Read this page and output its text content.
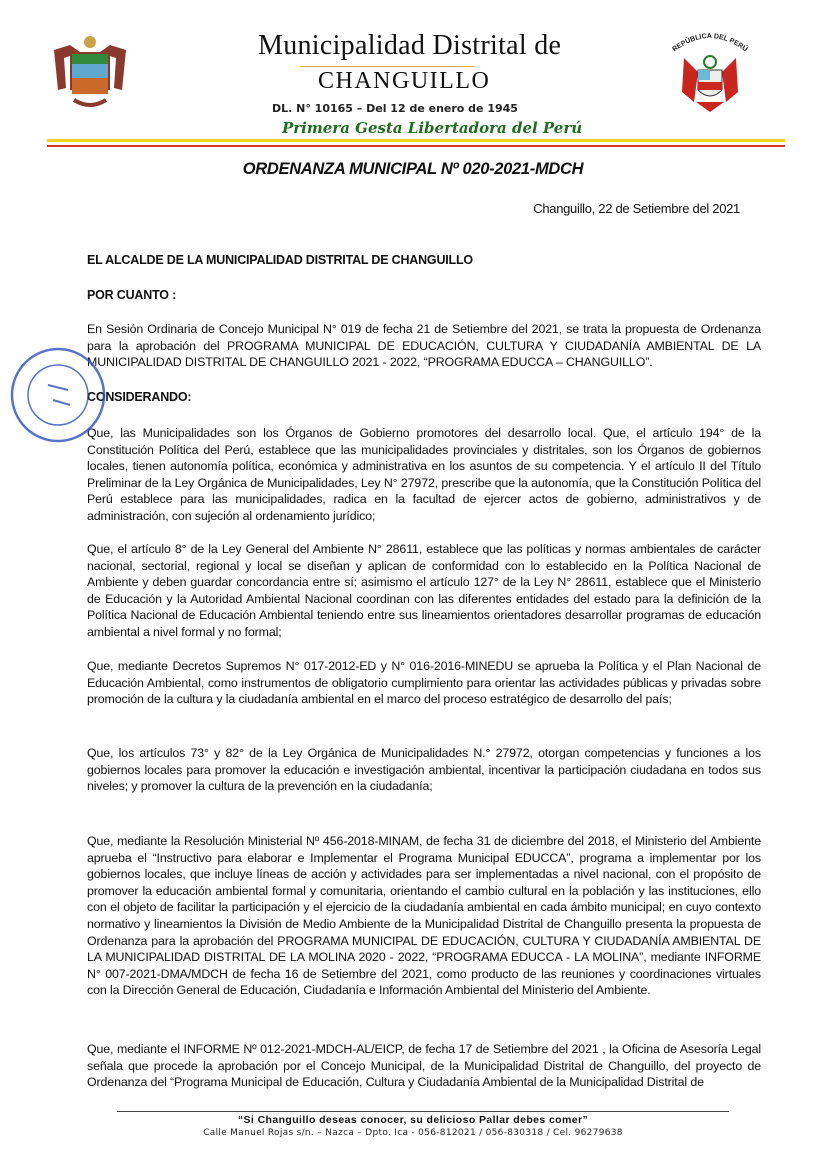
Municipalidad Distrital de
CHANGUILLO
DL. N° 10165 – Del 12 de enero de 1945
Primera Gesta Libertadora del Perú
REPÚBLICA DEL PERÚ
ORDENANZA MUNICIPAL Nº 020-2021-MDCH
Changuillo, 22 de Setiembre del 2021
EL ALCALDE DE LA MUNICIPALIDAD DISTRITAL DE CHANGUILLO
POR CUANTO :
En Sesión Ordinaria de Concejo Municipal N° 019 de fecha 21 de Setiembre del 2021, se trata la propuesta de Ordenanza para la aprobación del PROGRAMA MUNICIPAL DE EDUCACIÓN, CULTURA Y CIUDADANÍA AMBIENTAL DE LA MUNICIPALIDAD DISTRITAL DE CHANGUILLO 2021 - 2022, “PROGRAMA EDUCCA – CHANGUILLO”.
CONSIDERANDO:
Que, las Municipalidades son los Órganos de Gobierno promotores del desarrollo local. Que, el artículo 194° de la Constitución Política del Perú, establece que las municipalidades provinciales y distritales, son los Órganos de gobiernos locales, tienen autonomía política, económica y administrativa en los asuntos de su competencia. Y el artículo II del Título Preliminar de la Ley Orgánica de Municipalidades, Ley N° 27972, prescribe que la autonomía, que la Constitución Política del Perú establece para las municipalidades, radica en la facultad de ejercer actos de gobierno, administrativos y de administración, con sujeción al ordenamiento jurídico;
Que, el artículo 8° de la Ley General del Ambiente N° 28611, establece que las políticas y normas ambientales de carácter nacional, sectorial, regional y local se diseñan y aplican de conformidad con lo establecido en la Política Nacional de Ambiente y deben guardar concordancia entre sí; asimismo el artículo 127° de la Ley N° 28611, establece que el Ministerio de Educación y la Autoridad Ambiental Nacional coordinan con las diferentes entidades del estado para la definición de la Política Nacional de Educación Ambiental teniendo entre sus lineamientos orientadores desarrollar programas de educación ambiental a nivel formal y no formal;
Que, mediante Decretos Supremos N° 017-2012-ED y N° 016-2016-MINEDU se aprueba la Política y el Plan Nacional de Educación Ambiental, como instrumentos de obligatorio cumplimiento para orientar las actividades públicas y privadas sobre promoción de la cultura y la ciudadanía ambiental en el marco del proceso estratégico de desarrollo del país;
Que, los artículos 73° y 82° de la Ley Orgánica de Municipalidades N.° 27972, otorgan competencias y funciones a los gobiernos locales para promover la educación e investigación ambiental, incentivar la participación ciudadana en todos sus niveles; y promover la cultura de la prevención en la ciudadanía;
Que, mediante la Resolución Ministerial Nº 456-2018-MINAM, de fecha 31 de diciembre del 2018, el Ministerio del Ambiente aprueba el “Instructivo para elaborar e Implementar el Programa Municipal EDUCCA”, programa a implementar por los gobiernos locales, que incluye líneas de acción y actividades para ser implementadas a nivel nacional, con el propósito de promover la educación ambiental formal y comunitaria, orientando el cambio cultural en la población y las instituciones, ello con el objeto de facilitar la participación y el ejercicio de la ciudadanía ambiental en cada ámbito municipal; en cuyo contexto normativo y lineamientos la División de Medio Ambiente de la Municipalidad Distrital de Changuillo presenta la propuesta de Ordenanza para la aprobación del PROGRAMA MUNICIPAL DE EDUCACIÓN, CULTURA Y CIUDADANÍA AMBIENTAL DE LA MUNICIPALIDAD DISTRITAL DE LA MOLINA 2020 - 2022, “PROGRAMA EDUCCA - LA MOLINA”, mediante INFORME N° 007-2021-DMA/MDCH de fecha 16 de Setiembre del 2021, como producto de las reuniones y coordinaciones virtuales con la Dirección General de Educación, Ciudadanía e Información Ambiental del Ministerio del Ambiente.
Que, mediante el INFORME Nº 012-2021-MDCH-AL/EICP, de fecha 17 de Setiembre del 2021 , la Oficina de Asesoría Legal señala que procede la aprobación por el Concejo Municipal, de la Municipalidad Distrital de Changuillo, del proyecto de Ordenanza del “Programa Municipal de Educación, Cultura y Ciudadanía Ambiental de la Municipalidad Distrital de
“Si Changuillo deseas conocer, su delicioso Pallar debes comer”
Calle Manuel Rojas s/n. – Nazca – Dpto. Ica - 056-812021 / 056-830318 / Cel. 96279638
